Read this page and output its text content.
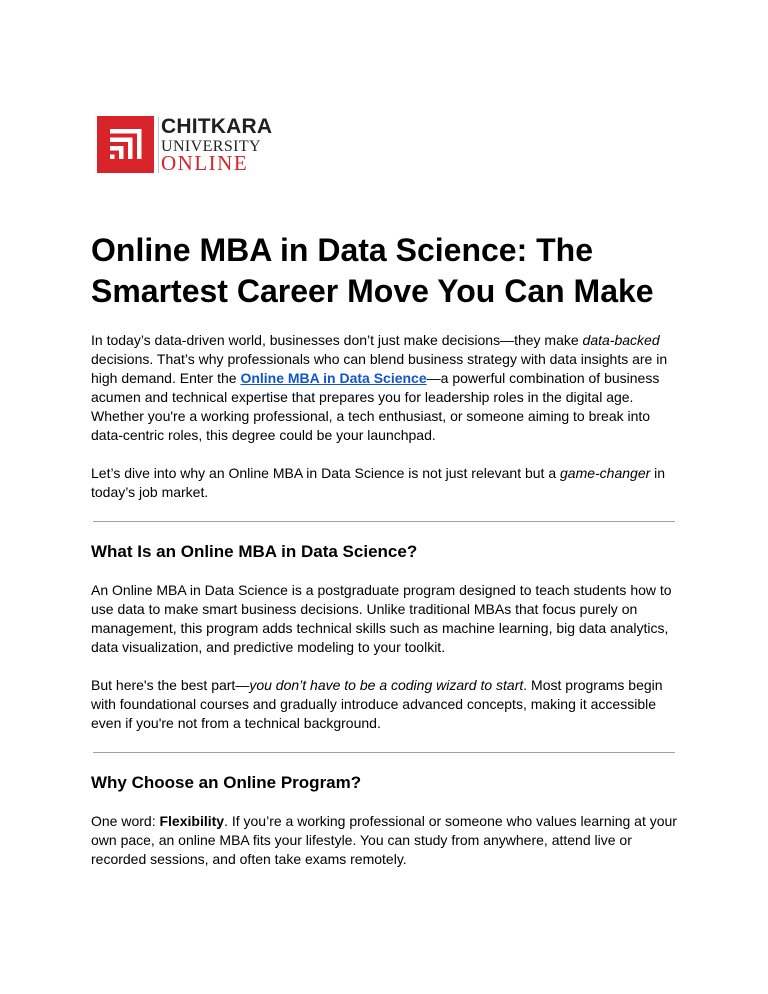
CHITKARA
UNIVERSITY
ONLINE
Online MBA in Data Science: The Smartest Career Move You Can Make

In today’s data-driven world, businesses don’t just make decisions—they make data-backed decisions. That’s why professionals who can blend business strategy with data insights are in high demand. Enter the Online MBA in Data Science—a powerful combination of business acumen and technical expertise that prepares you for leadership roles in the digital age. Whether you're a working professional, a tech enthusiast, or someone aiming to break into data-centric roles, this degree could be your launchpad.

Let’s dive into why an Online MBA in Data Science is not just relevant but a game-changer in today’s job market.

What Is an Online MBA in Data Science?

An Online MBA in Data Science is a postgraduate program designed to teach students how to use data to make smart business decisions. Unlike traditional MBAs that focus purely on management, this program adds technical skills such as machine learning, big data analytics, data visualization, and predictive modeling to your toolkit.

But here's the best part—you don’t have to be a coding wizard to start. Most programs begin with foundational courses and gradually introduce advanced concepts, making it accessible even if you're not from a technical background.

Why Choose an Online Program?

One word: Flexibility. If you’re a working professional or someone who values learning at your own pace, an online MBA fits your lifestyle. You can study from anywhere, attend live or recorded sessions, and often take exams remotely.
